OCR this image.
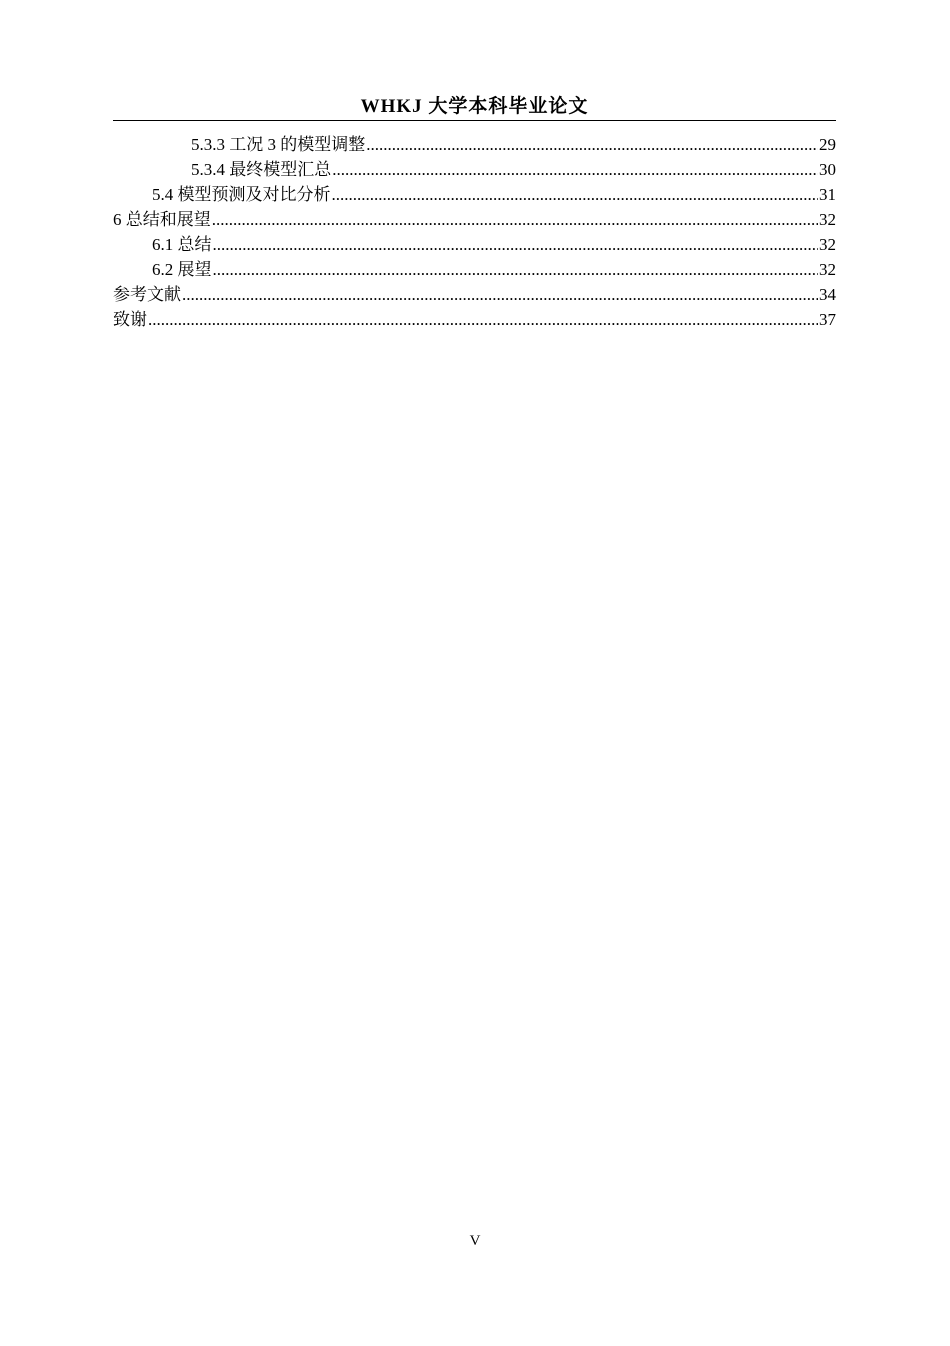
WHKJ 大学本科毕业论文
5.3.3 工况 3 的模型调整 .....	29
5.3.4 最终模型汇总 .....	30
5.4 模型预测及对比分析 .....	31
6 总结和展望 .....	32
6.1 总结 .....	32
6.2 展望 .....	32
参考文献 .....	34
致谢 .....	37
V
